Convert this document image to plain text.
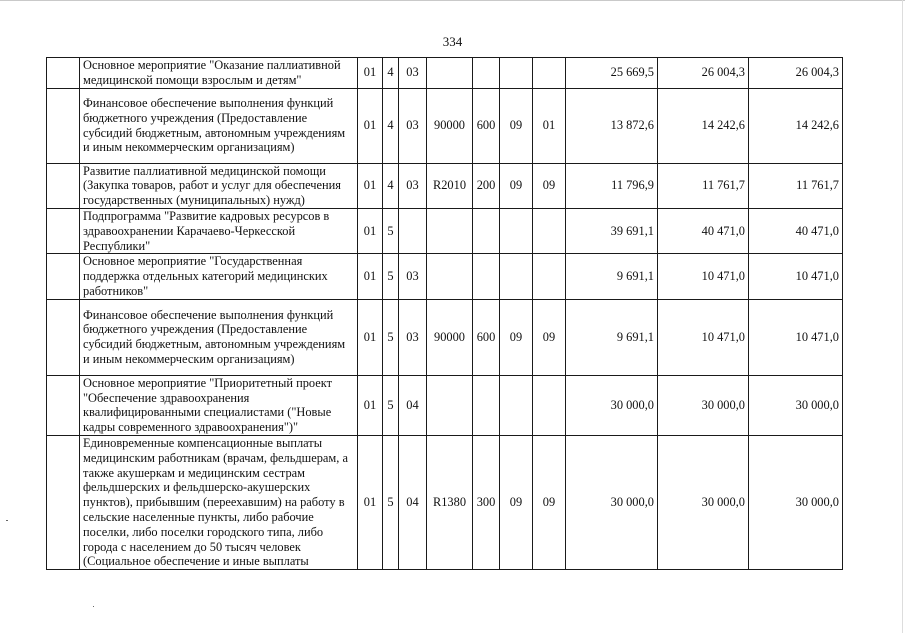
334
	Основное мероприятие "Оказание паллиативной медицинской помощи взрослым и детям"	01	4	03					25 669,5	26 004,3	26 004,3
	Финансовое обеспечение выполнения функций бюджетного учреждения (Предоставление субсидий бюджетным, автономным учреждениям и иным некоммерческим организациям)	01	4	03	90000	600	09	01	13 872,6	14 242,6	14 242,6
	Развитие паллиативной медицинской помощи (Закупка товаров, работ и услуг для обеспечения государственных (муниципальных) нужд)	01	4	03	R2010	200	09	09	11 796,9	11 761,7	11 761,7
	Подпрограмма "Развитие кадровых ресурсов в здравоохранении Карачаево-Черкесской Республики"	01	5						39 691,1	40 471,0	40 471,0
	Основное мероприятие "Государственная поддержка отдельных категорий медицинских работников"	01	5	03					9 691,1	10 471,0	10 471,0
	Финансовое обеспечение выполнения функций бюджетного учреждения (Предоставление субсидий бюджетным, автономным учреждениям и иным некоммерческим организациям)	01	5	03	90000	600	09	09	9 691,1	10 471,0	10 471,0
	Основное мероприятие "Приоритетный проект "Обеспечение здравоохранения квалифицированными специалистами ("Новые кадры современного здравоохранения")"	01	5	04					30 000,0	30 000,0	30 000,0
	Единовременные компенсационные выплаты медицинским работникам (врачам, фельдшерам, а также акушеркам и медицинским сестрам фельдшерских и фельдшерско-акушерских пунктов), прибывшим (переехавшим) на работу в сельские населенные пункты, либо рабочие поселки, либо поселки городского типа, либо города с населением до 50 тысяч человек (Социальное обеспечение и иные выплаты	01	5	04	R1380	300	09	09	30 000,0	30 000,0	30 000,0
